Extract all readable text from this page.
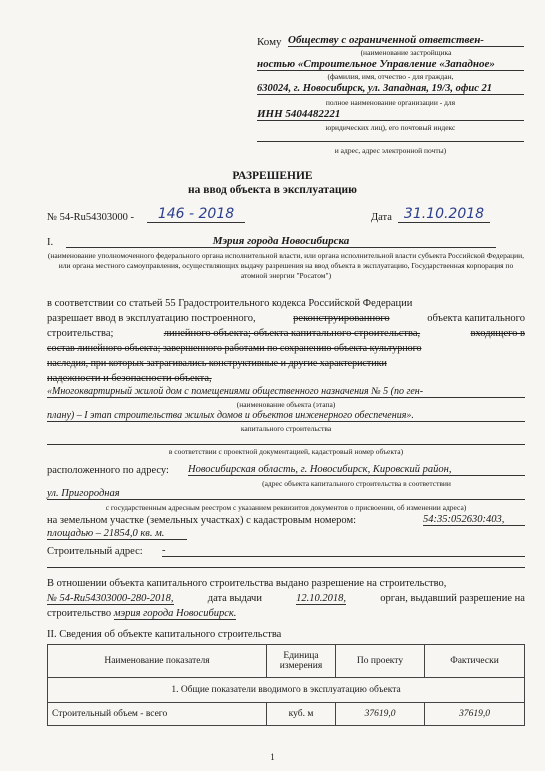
Кому Обществу с ограниченной ответствен-
(наименование застройщика
ностью «Строительное Управление «Западное»
(фамилия, имя, отчество - для граждан,
630024, г. Новосибирск, ул. Западная, 19/3, офис 21
полное наименование организации - для
ИНН 5404482221
юридических лиц), его почтовый индекс
и адрес, адрес электронной почты)
РАЗРЕШЕНИЕ
на ввод объекта в эксплуатацию
№ 54-Ru54303000 -	146 - 2018	Дата 31.10.2018
I.	Мэрия города Новосибирска
(наименование уполномоченного федерального органа исполнительной власти, или органа исполнительной власти субъекта Российской Федерации, или органа местного самоуправления, осуществляющих выдачу разрешения на ввод объекта в эксплуатацию, Государственная корпорация по атомной энергии "Росатом")
в соответствии со статьей 55 Градостроительного кодекса Российской Федерации
разрешает ввод в эксплуатацию построенного,	реконструированного	объекта капитального
строительства;	линейного объекта; объекта капитального строительства,	входящего в
состав линейного объекта; завершенного работами по сохранению объекта культурного
наследия, при которых затрагивались конструктивные и другие характеристики
надежности и безопасности объекта,
«Многоквартирный жилой дом с помещениями общественного назначения № 5 (по ген-
(наименование объекта (этапа)
плану) – I этап строительства жилых домов и объектов инженерного обеспечения».
капитального строительства
в соответствии с проектной документацией, кадастровый номер объекта)
расположенного по адресу: Новосибирская область, г. Новосибирск, Кировский район,
(адрес объекта капитального строительства в соответствии
ул. Пригородная
с государственным адресным реестром с указанием реквизитов документов о присвоении, об изменении адреса)
на земельном участке (земельных участках) с кадастровым номером:	54:35:052630:403,
площадью – 21854,0 кв. м.
Строительный адрес: -
В отношении объекта капитального строительства выдано разрешение на строительство,
№ 54-Ru54303000-280-2018,	дата выдачи	12.10.2018,	орган, выдавший разрешение на
строительство мэрия города Новосибирск.
II. Сведения об объекте капитального строительства
Наименование показателя	Единица измерения	По проекту	Фактически
1. Общие показатели вводимого в эксплуатацию объекта			
Строительный объем - всего	куб. м	37619,0	37619,0
1
